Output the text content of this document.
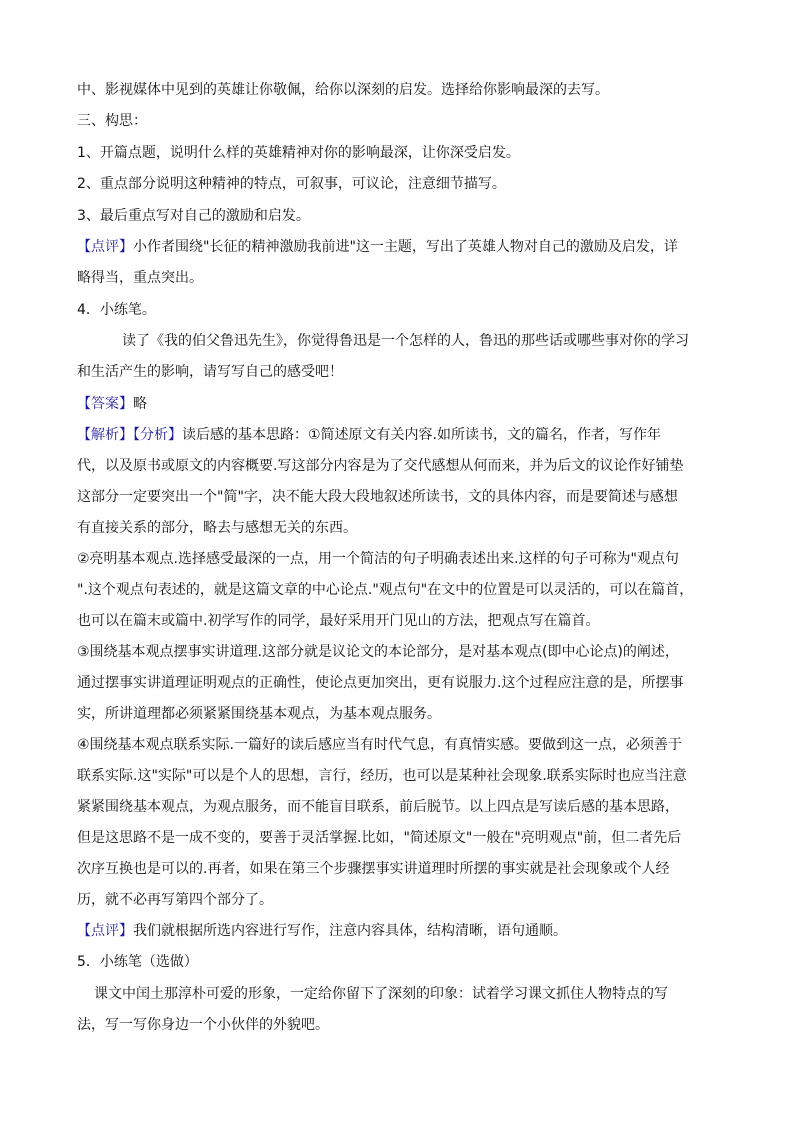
中、影视媒体中见到的英雄让你敬佩，给你以深刻的启发。选择给你影响最深的去写。
三、构思：
1、开篇点题，说明什么样的英雄精神对你的影响最深，让你深受启发。
2、重点部分说明这种精神的特点，可叙事，可议论，注意细节描写。
3、最后重点写对自己的激励和启发。
【点评】小作者围绕"长征的精神激励我前进"这一主题，写出了英雄人物对自己的激励及启发，详
略得当，重点突出。
4．小练笔。
读了《我的伯父鲁迅先生》，你觉得鲁迅是一个怎样的人，鲁迅的那些话或哪些事对你的学习
和生活产生的影响，请写写自己的感受吧！
【答案】略
【解析】【分析】读后感的基本思路：①简述原文有关内容.如所读书，文的篇名，作者，写作年
代，以及原书或原文的内容概要.写这部分内容是为了交代感想从何而来，并为后文的议论作好铺垫
这部分一定要突出一个"简"字，决不能大段大段地叙述所读书，文的具体内容，而是要简述与感想
有直接关系的部分，略去与感想无关的东西。
②亮明基本观点.选择感受最深的一点，用一个简洁的句子明确表述出来.这样的句子可称为"观点句
".这个观点句表述的，就是这篇文章的中心论点."观点句"在文中的位置是可以灵活的，可以在篇首，
也可以在篇末或篇中.初学写作的同学，最好采用开门见山的方法，把观点写在篇首。
③围绕基本观点摆事实讲道理.这部分就是议论文的本论部分，是对基本观点(即中心论点)的阐述，
通过摆事实讲道理证明观点的正确性，使论点更加突出，更有说服力.这个过程应注意的是，所摆事
实，所讲道理都必须紧紧围绕基本观点，为基本观点服务。
④围绕基本观点联系实际.一篇好的读后感应当有时代气息，有真情实感。要做到这一点，必须善于
联系实际.这"实际"可以是个人的思想，言行，经历，也可以是某种社会现象.联系实际时也应当注意
紧紧围绕基本观点，为观点服务，而不能盲目联系，前后脱节。以上四点是写读后感的基本思路，
但是这思路不是一成不变的，要善于灵活掌握.比如，"简述原文"一般在"亮明观点"前，但二者先后
次序互换也是可以的.再者，如果在第三个步骤摆事实讲道理时所摆的事实就是社会现象或个人经
历，就不必再写第四个部分了。
【点评】我们就根据所选内容进行写作，注意内容具体，结构清晰，语句通顺。
5．小练笔（选做）
课文中闰土那淳朴可爱的形象，一定给你留下了深刻的印象：试着学习课文抓住人物特点的写
法，写一写你身边一个小伙伴的外貌吧。
